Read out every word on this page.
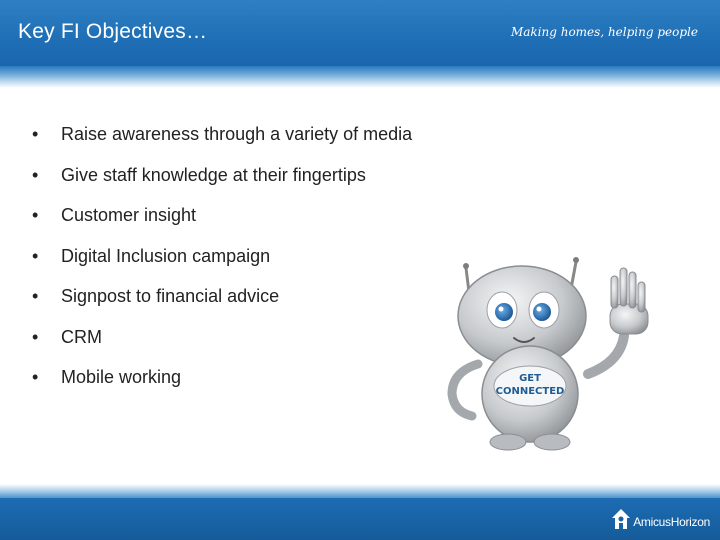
Key FI Objectives…	Making homes, helping people
•	Raise awareness through a variety of media
•	Give staff knowledge at their fingertips
•	Customer insight
•	Digital Inclusion campaign
•	Signpost to financial advice
•	CRM
•	Mobile working	GET
CONNECTED
AmicusHorizon
